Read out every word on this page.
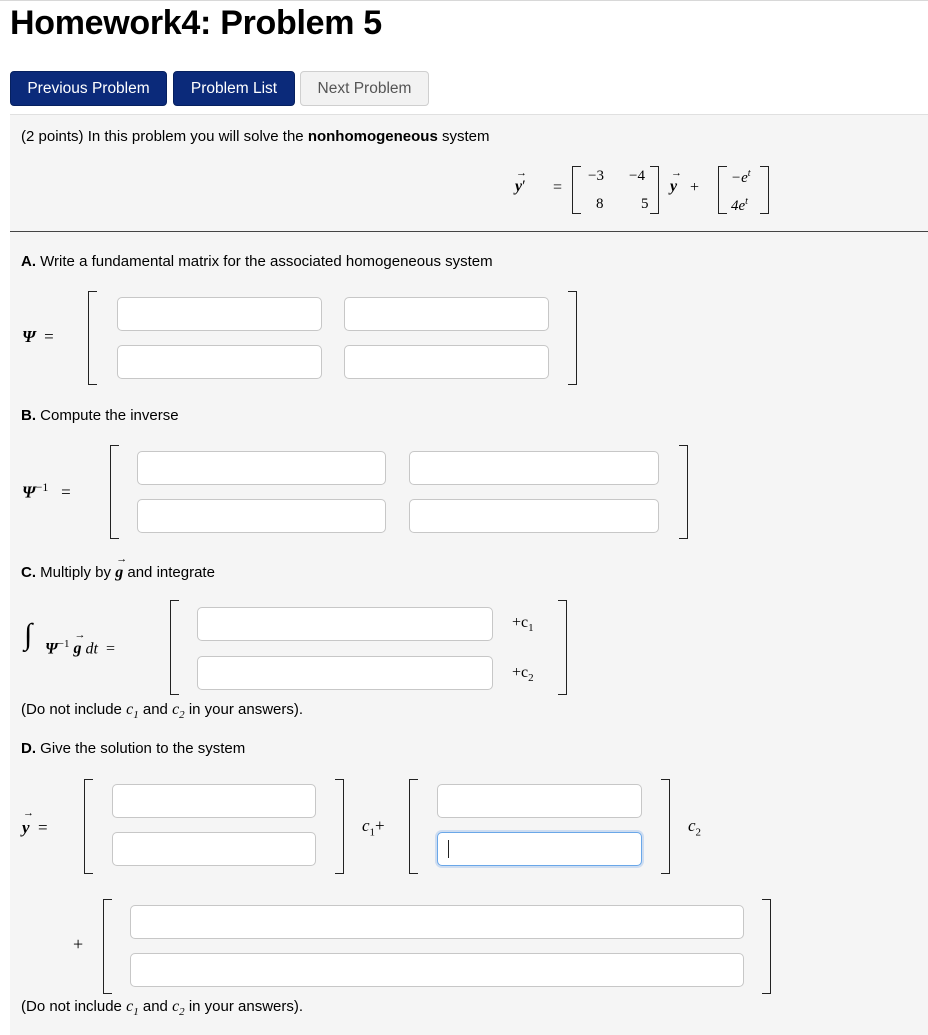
Homework4: Problem 5
Previous Problem	Problem List	Next Problem
(2 points) In this problem you will solve the nonhomogeneous system
→
y′ =
−3 −4
8	5
→
y +
$-e^t$
$4e^t$
A. Write a fundamental matrix for the associated homogeneous system
Ψ =
B. Compute the inverse
$\Psi^{-1}$ =
C. Multiply by
→
g and integrate
∫ $\Psi^{-1}$
→
g dt =
$+c_1$
$+c_2$
(Do not include $c_1$ and $c_2$ in your answers).
D. Give the solution to the system
→
y =	$c_1+$	$c_2$
+
(Do not include $c_1$ and $c_2$ in your answers).
